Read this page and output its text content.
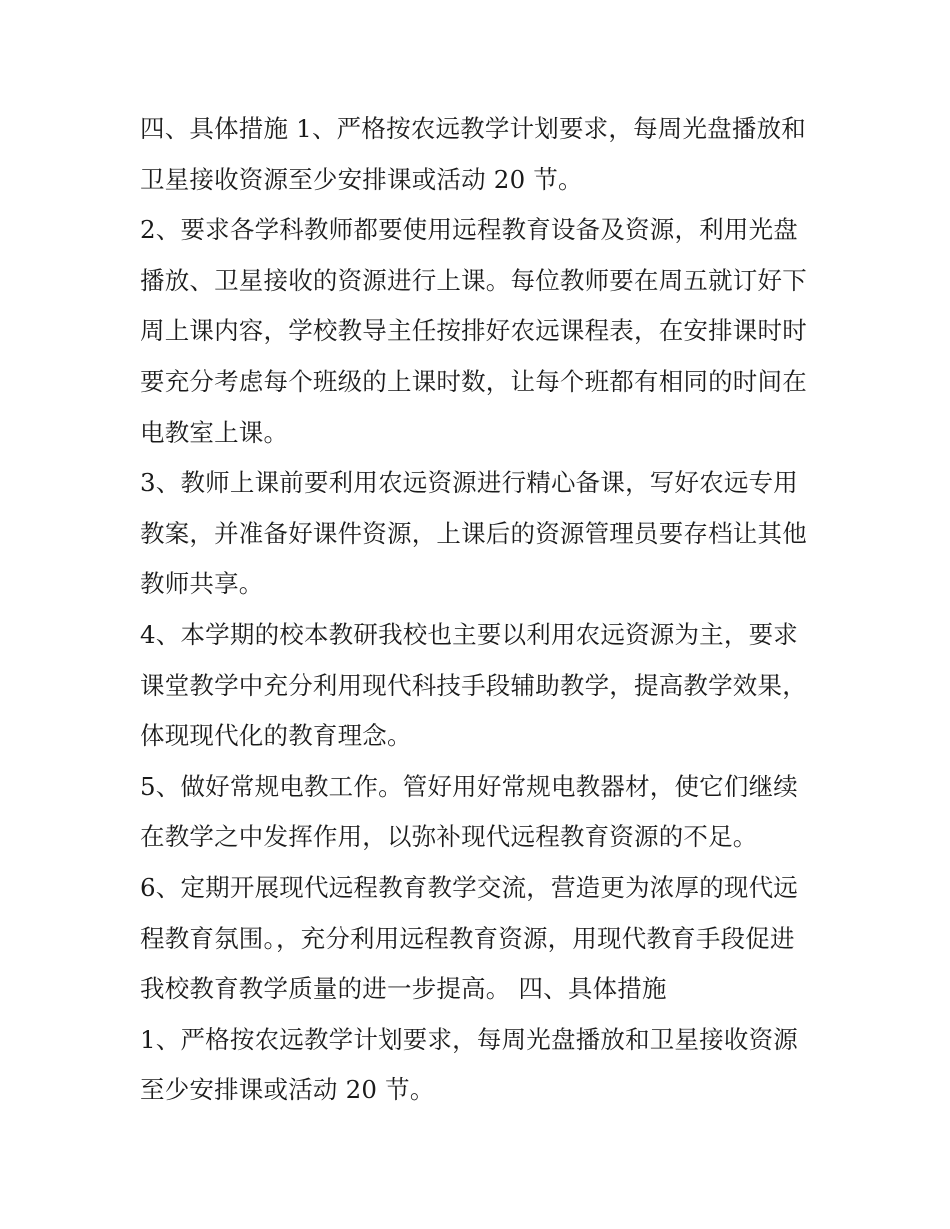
四、具体措施 1、严格按农远教学计划要求，每周光盘播放和卫星接收资源至少安排课或活动 20 节。

2、要求各学科教师都要使用远程教育设备及资源，利用光盘播放、卫星接收的资源进行上课。每位教师要在周五就订好下周上课内容，学校教导主任按排好农远课程表，在安排课时时要充分考虑每个班级的上课时数，让每个班都有相同的时间在电教室上课。

3、教师上课前要利用农远资源进行精心备课，写好农远专用教案，并准备好课件资源，上课后的资源管理员要存档让其他教师共享。

4、本学期的校本教研我校也主要以利用农远资源为主，要求课堂教学中充分利用现代科技手段辅助教学，提高教学效果，体现现代化的教育理念。

5、做好常规电教工作。管好用好常规电教器材，使它们继续在教学之中发挥作用，以弥补现代远程教育资源的不足。

6、定期开展现代远程教育教学交流，营造更为浓厚的现代远程教育氛围。，充分利用远程教育资源，用现代教育手段促进我校教育教学质量的进一步提高。 四、具体措施

1、严格按农远教学计划要求，每周光盘播放和卫星接收资源至少安排课或活动 20 节。
